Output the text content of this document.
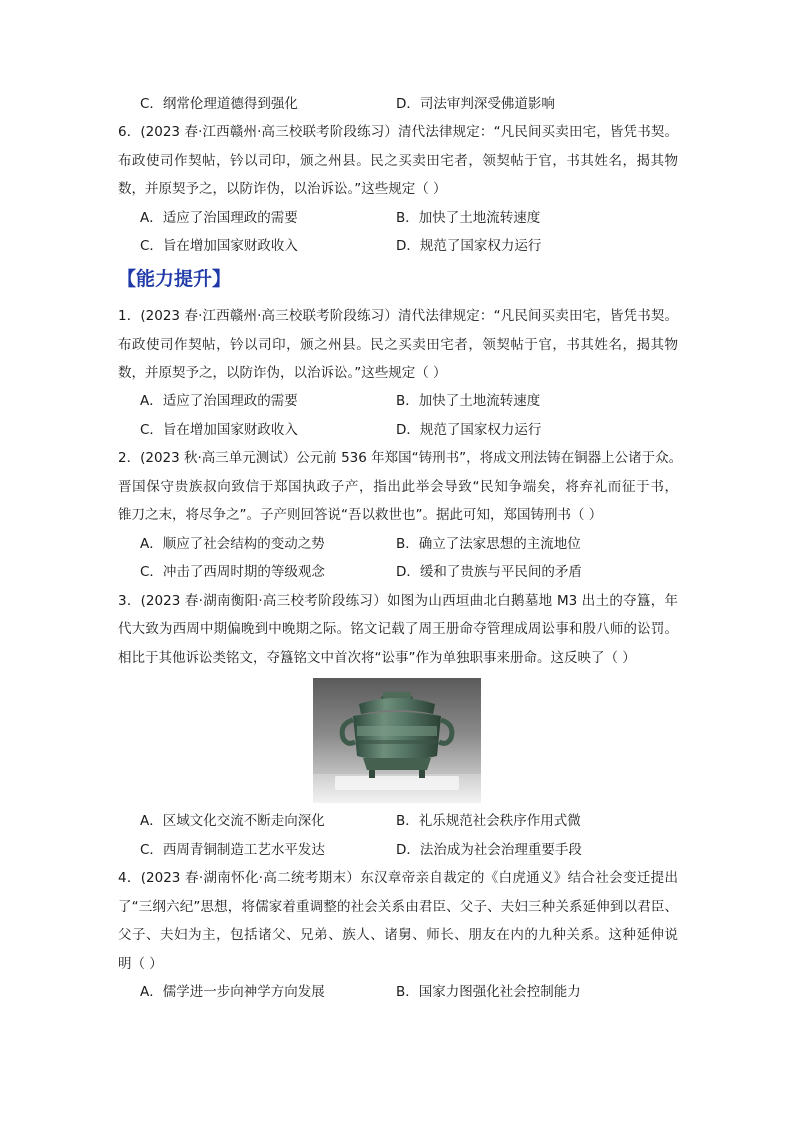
C．纲常伦理道德得到强化	D．司法审判深受佛道影响
6．(2023 春·江西赣州·高三校联考阶段练习）清代法律规定：“凡民间买卖田宅，皆凭书契。
布政使司作契帖，钤以司印，颁之州县。民之买卖田宅者，领契帖于官，书其姓名，揭其物
数，并原契予之，以防诈伪，以治诉讼。”这些规定（ ）
A．适应了治国理政的需要	B．加快了土地流转速度
C．旨在增加国家财政收入	D．规范了国家权力运行
【能力提升】
1．(2023 春·江西赣州·高三校联考阶段练习）清代法律规定：“凡民间买卖田宅，皆凭书契。
布政使司作契帖，钤以司印，颁之州县。民之买卖田宅者，领契帖于官，书其姓名，揭其物
数，并原契予之，以防诈伪，以治诉讼。”这些规定（ ）
A．适应了治国理政的需要	B．加快了土地流转速度
C．旨在增加国家财政收入	D．规范了国家权力运行
2．(2023 秋·高三单元测试）公元前 536 年郑国“铸刑书”，将成文刑法铸在铜器上公诸于众。
晋国保守贵族叔向致信于郑国执政子产，指出此举会导致“民知争端矣，将弃礼而征于书，
锥刀之末，将尽争之”。子产则回答说“吾以救世也”。据此可知，郑国铸刑书（ ）
A．顺应了社会结构的变动之势	B．确立了法家思想的主流地位
C．冲击了西周时期的等级观念	D．缓和了贵族与平民间的矛盾
3．(2023 春·湖南衡阳·高三校考阶段练习）如图为山西垣曲北白鹅墓地 M3 出土的夺簋，年
代大致为西周中期偏晚到中晚期之际。铭文记载了周王册命夺管理成周讼事和殷八师的讼罚。
相比于其他诉讼类铭文，夺簋铭文中首次将“讼事”作为单独职事来册命。这反映了（ ）
A．区域文化交流不断走向深化	B．礼乐规范社会秩序作用式微
C．西周青铜制造工艺水平发达	D．法治成为社会治理重要手段
4．(2023 春·湖南怀化·高二统考期末）东汉章帝亲自裁定的《白虎通义》结合社会变迁提出
了“三纲六纪”思想，将儒家着重调整的社会关系由君臣、父子、夫妇三种关系延伸到以君臣、
父子、夫妇为主，包括诸父、兄弟、族人、诸舅、师长、朋友在内的九种关系。这种延伸说
明（ ）
A．儒学进一步向神学方向发展	B．国家力图强化社会控制能力
